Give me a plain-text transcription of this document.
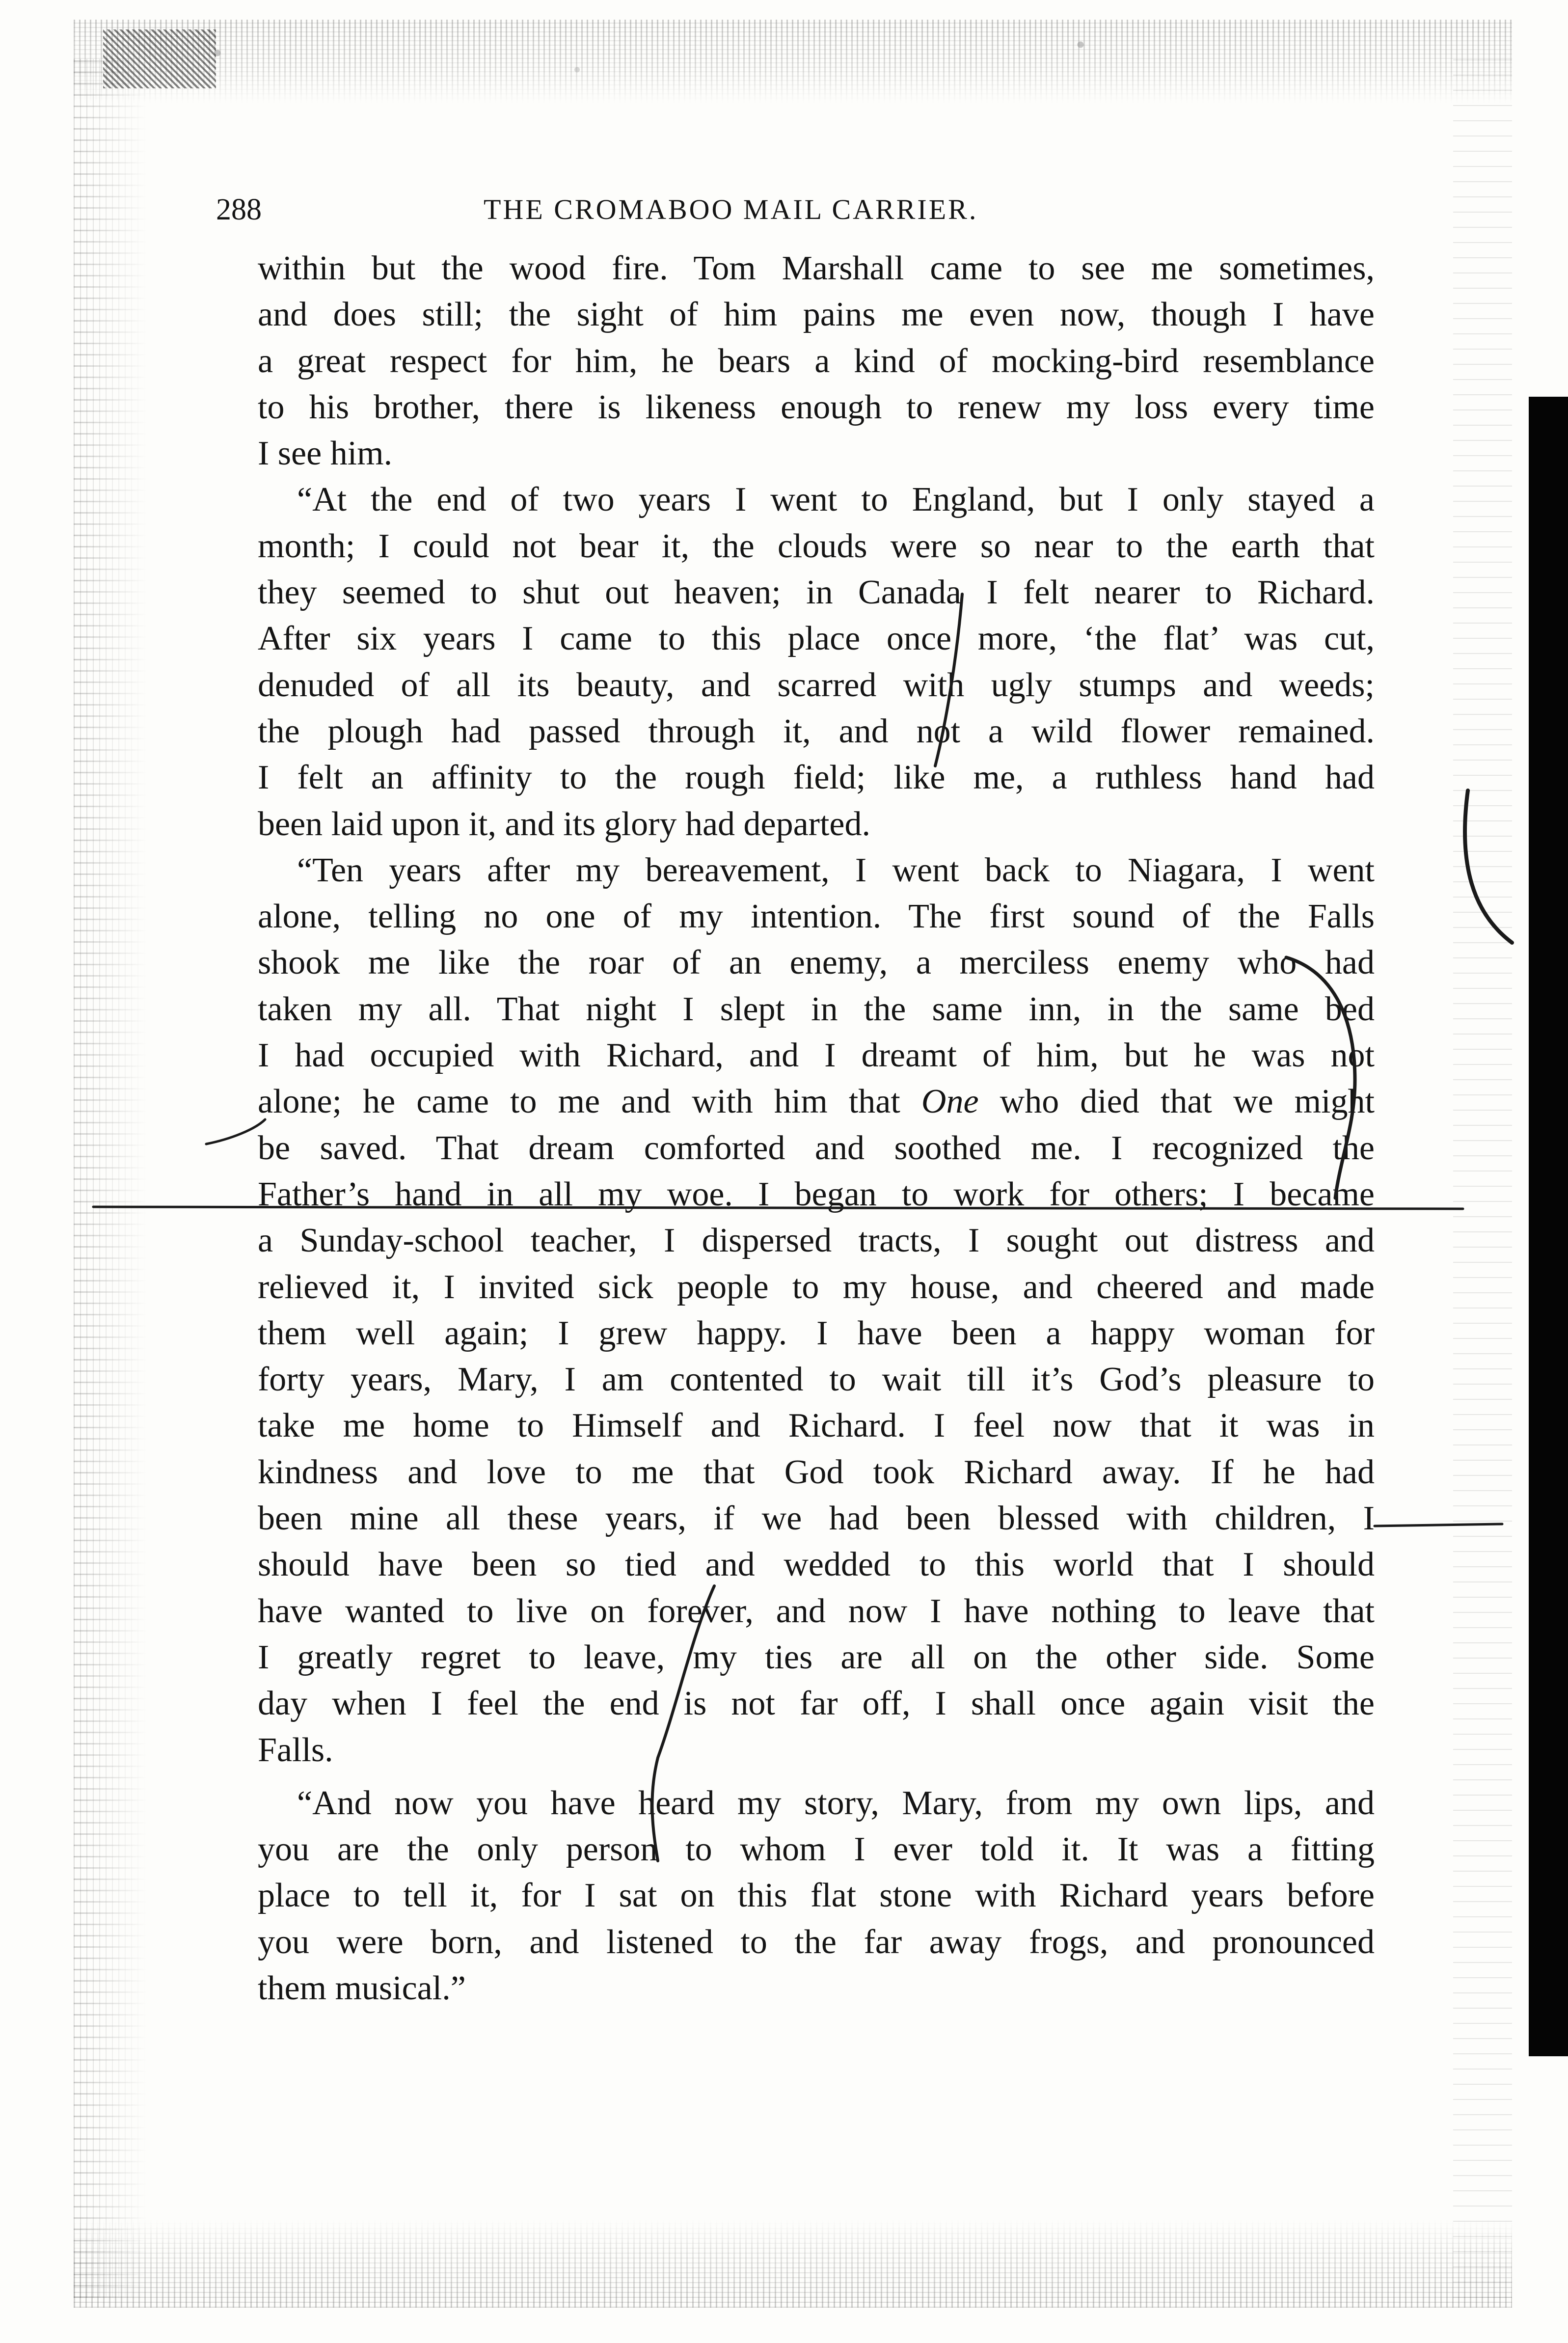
288	THE CROMABOO MAIL CARRIER.
within but the wood fire. Tom Marshall came to see me sometimes,
and does still; the sight of him pains me even now, though I have
a great respect for him, he bears a kind of mocking-bird resemblance
to his brother, there is likeness enough to renew my loss every time
I see him.
“At the end of two years I went to England, but I only stayed a
month; I could not bear it, the clouds were so near to the earth that
they seemed to shut out heaven; in Canada I felt nearer to Richard.
After six years I came to this place once more, ‘the flat’ was cut,
denuded of all its beauty, and scarred with ugly stumps and weeds;
the plough had passed through it, and not a wild flower remained.
I felt an affinity to the rough field; like me, a ruthless hand had
been laid upon it, and its glory had departed.
“Ten years after my bereavement, I went back to Niagara, I went
alone, telling no one of my intention. The first sound of the Falls
shook me like the roar of an enemy, a merciless enemy who had
taken my all. That night I slept in the same inn, in the same bed
I had occupied with Richard, and I dreamt of him, but he was not
alone; he came to me and with him that One who died that we might
be saved. That dream comforted and soothed me. I recognized the
Father’s hand in all my woe. I began to work for others; I became
a Sunday-school teacher, I dispersed tracts, I sought out distress and
relieved it, I invited sick people to my house, and cheered and made
them well again; I grew happy. I have been a happy woman for
forty years, Mary, I am contented to wait till it’s God’s pleasure to
take me home to Himself and Richard. I feel now that it was in
kindness and love to me that God took Richard away. If he had
been mine all these years, if we had been blessed with children, I
should have been so tied and wedded to this world that I should
have wanted to live on forever, and now I have nothing to leave that
I greatly regret to leave, my ties are all on the other side. Some
day when I feel the end is not far off, I shall once again visit the
Falls.
“And now you have heard my story, Mary, from my own lips, and
you are the only person to whom I ever told it. It was a fitting
place to tell it, for I sat on this flat stone with Richard years before
you were born, and listened to the far away frogs, and pronounced
them musical.”
